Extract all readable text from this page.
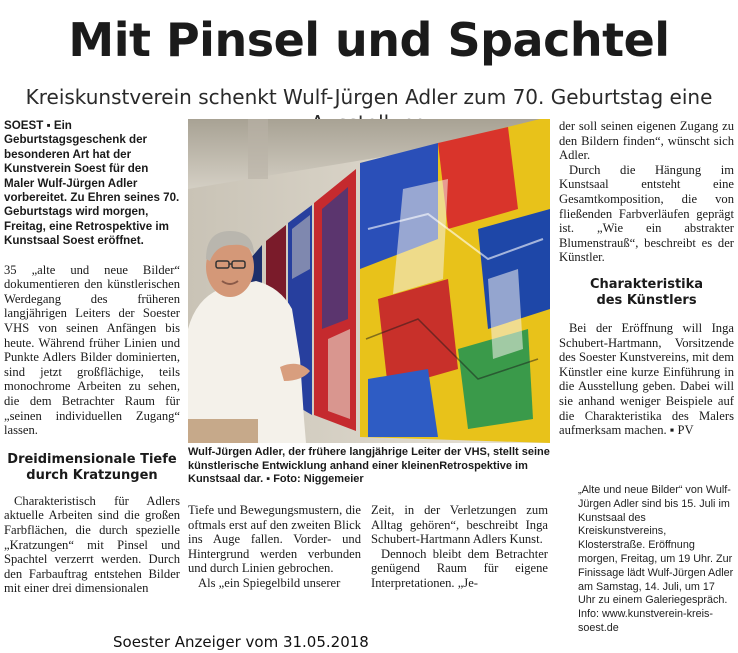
Mit Pinsel und Spachtel
Kreiskunstverein schenkt Wulf-Jürgen Adler zum 70. Geburtstag eine

SOEST ▪ Ein Geburtstagsgeschenk der besonderen Art hat der Kunstverein Soest für den Maler Wulf-Jürgen Adler vorbereitet. Zu Ehren seines 70. Geburtstags wird morgen, Freitag, eine Retrospektive im Kunstsaal Soest eröffnet.

35 „alte und neue Bilder“ dokumentieren den künstlerischen Werdegang des früheren langjährigen Leiters der Soester VHS von seinen Anfängen bis heute. Während früher Linien und Punkte Adlers Bilder dominierten, sind jetzt großflächige, teils monochrome Arbeiten zu sehen, die dem Betrachter Raum für „seinen individuellen Zugang“ lassen.

Dreidimensionale Tiefe

durch Kratzungen

Charakteristisch für Adlers aktuelle Arbeiten sind die großen Farbflächen, die durch spezielle „Kratzungen“ mit Pinsel und Spachtel verzerrt werden. Durch den Farbauftrag entstehen Bilder mit einer drei dimensionalen

Wulf-Jürgen Adler, der frühere langjährige Leiter der VHS, stellt seine künstlerische Entwicklung anhand einer kleinenRetrospektive im Kunstsaal dar. ▪ Foto: Niggemeier

Tiefe und Bewegungsmustern, die oftmals erst auf den zweiten Blick ins Auge fallen. Vorder- und Hintergrund werden verbunden und durch Linien gebrochen.

Als „ein Spiegelbild unserer

Zeit, in der Verletzungen zum Alltag gehören“, beschreibt Inga Schubert-Hartmann Adlers Kunst.

Dennoch bleibt dem Betrachter genügend Raum für eigene Interpretationen. „Je-

der soll seinen eigenen Zugang zu den Bildern finden“, wünscht sich Adler.

Durch die Hängung im Kunstsaal entsteht eine Gesamtkomposition, die von fließenden Farbverläufen geprägt ist. „Wie ein abstrakter Blumenstrauß“, beschreibt es der Künstler.

Charakteristika

des Künstlers

Bei der Eröffnung will Inga Schubert-Hartmann, Vorsitzende des Soester Kunstvereins, mit dem Künstler eine kurze Einführung in die Ausstellung geben. Dabei will sie anhand weniger Beispiele auf die Charakteristika des Malers aufmerksam machen. ▪ PV

„Alte und neue Bilder“ von Wulf-Jürgen Adler sind bis 15. Juli im Kunstsaal des Kreiskunstvereins, Klosterstraße. Eröffnung morgen, Freitag, um 19 Uhr. Zur Finissage lädt Wulf-Jürgen Adler am Samstag, 14. Juli, um 17 Uhr zu einem Galeriegespräch. Info: www.kunstverein-kreis-soest.de

Soester Anzeiger vom 31.05.2018
